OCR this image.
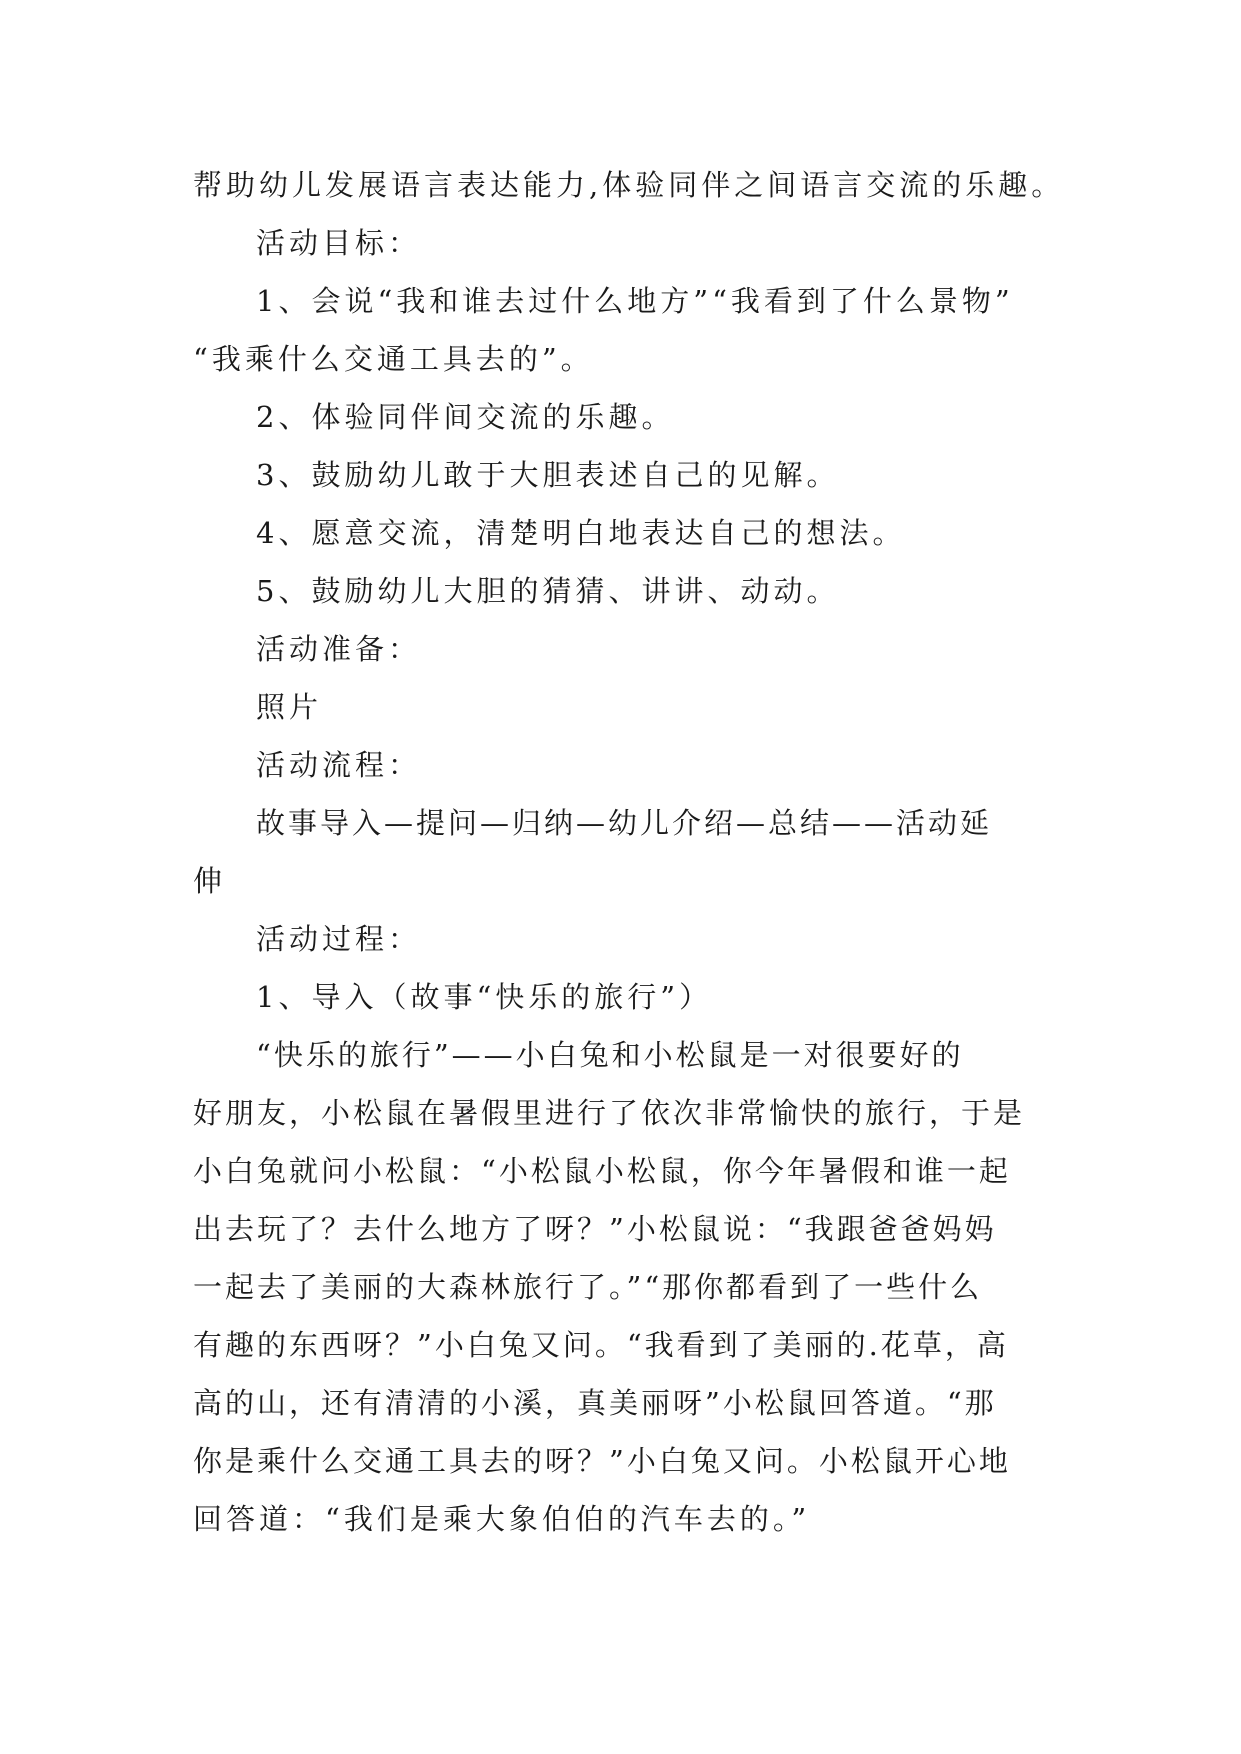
帮助幼儿发展语言表达能力,体验同伴之间语言交流的乐趣。

活动目标：

1、会说“我和谁去过什么地方”“我看到了什么景物”

“我乘什么交通工具去的”。

2、体验同伴间交流的乐趣。

3、鼓励幼儿敢于大胆表述自己的见解。

4、愿意交流，清楚明白地表达自己的想法。

5、鼓励幼儿大胆的猜猜、讲讲、动动。

活动准备：

照片

活动流程：

故事导入—提问—归纳—幼儿介绍—总结——活动延

伸

活动过程：

1、导入（故事“快乐的旅行”）

“快乐的旅行”——小白兔和小松鼠是一对很要好的

好朋友，小松鼠在暑假里进行了依次非常愉快的旅行，于是

小白兔就问小松鼠：“小松鼠小松鼠，你今年暑假和谁一起

出去玩了？去什么地方了呀？”小松鼠说：“我跟爸爸妈妈

一起去了美丽的大森林旅行了。”“那你都看到了一些什么

有趣的东西呀？”小白兔又问。“我看到了美丽的.花草，高

高的山，还有清清的小溪，真美丽呀”小松鼠回答道。“那

你是乘什么交通工具去的呀？”小白兔又问。小松鼠开心地

回答道：“我们是乘大象伯伯的汽车去的。”
